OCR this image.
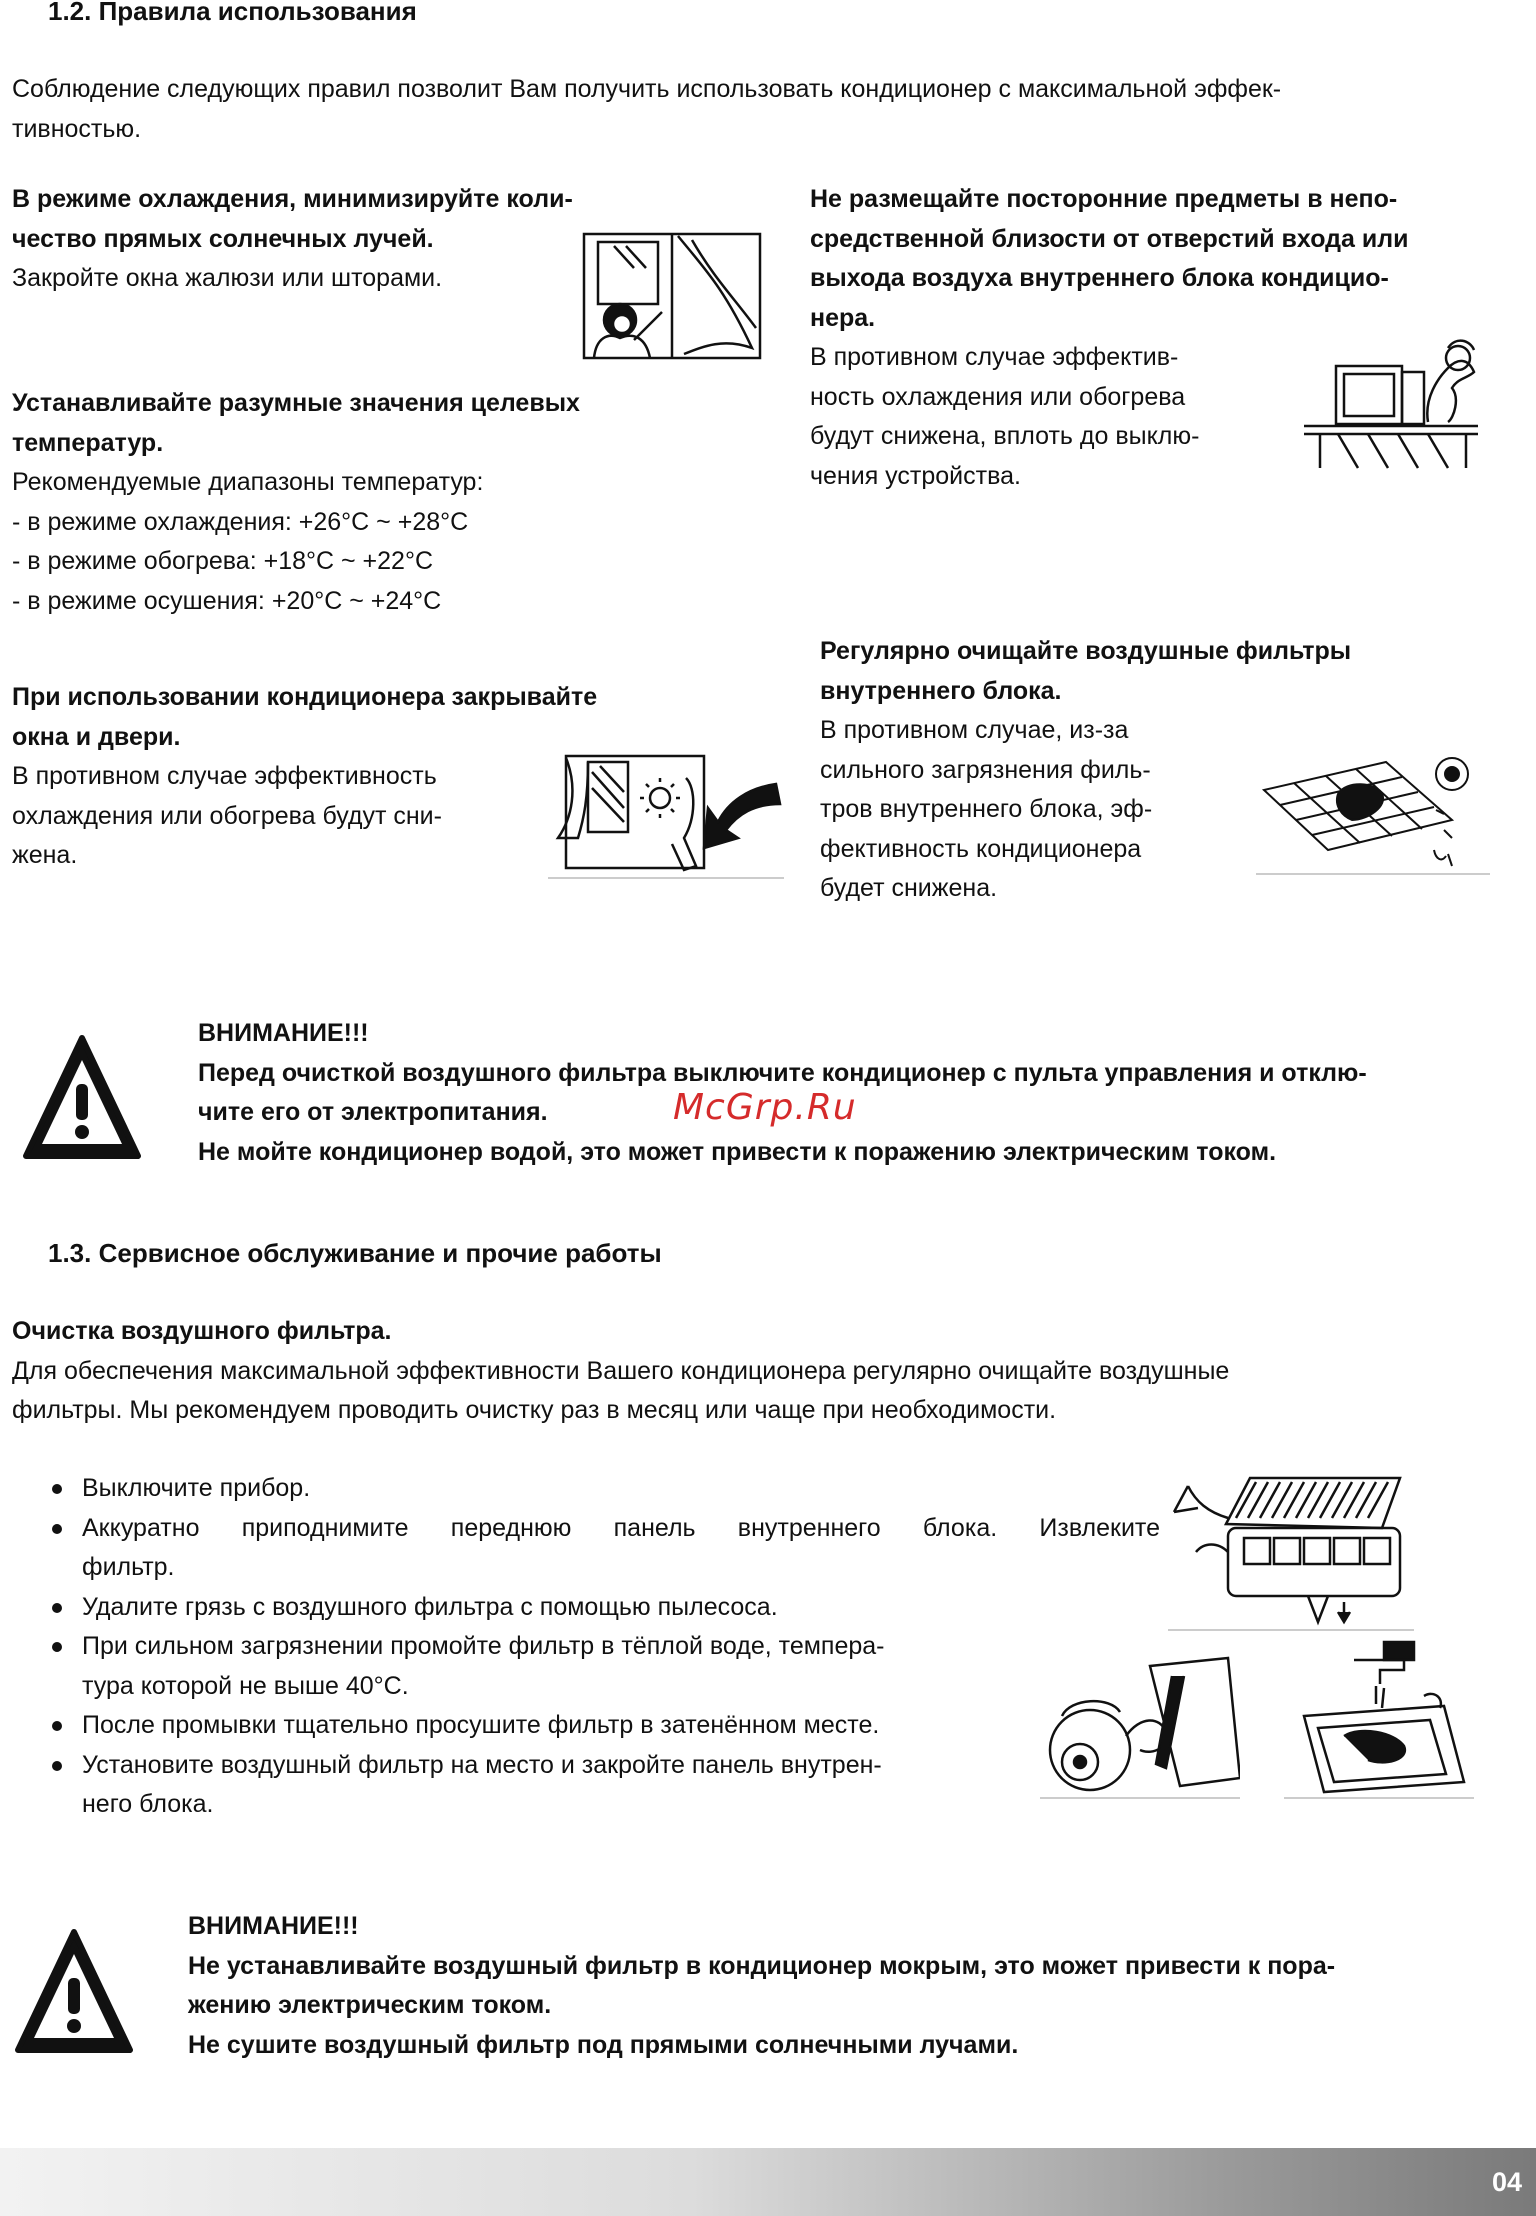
1.2. Правила использования
Соблюдение следующих правил позволит Вам получить использовать кондиционер с максимальной эффек-
тивностью.
В режиме охлаждения, минимизируйте коли-
чество прямых солнечных лучей.
Закройте окна жалюзи или шторами.
Устанавливайте разумные значения целевых
температур.
Рекомендуемые диапазоны температур:
- в режиме охлаждения: +26°C ~ +28°C
- в режиме обогрева: +18°C ~ +22°C
- в режиме осушения: +20°C ~ +24°C
Не размещайте посторонние предметы в непо-
средственной близости от отверстий входа или
выхода воздуха внутреннего блока кондицио-
нера.
В противном случае эффектив-
ность охлаждения или обогрева
будут снижена, вплоть до выклю-
чения устройства.
При использовании кондиционера закрывайте
окна и двери.
В противном случае эффективность
охлаждения или обогрева будут сни-
жена.
Регулярно очищайте воздушные фильтры
внутреннего блока.
В противном случае, из-за
сильного загрязнения филь-
тров внутреннего блока, эф-
фективность кондиционера
будет снижена.
ВНИМАНИЕ!!!
Перед очисткой воздушного фильтра выключите кондиционер с пульта управления и отклю-
чите его от электропитания.
Не мойте кондиционер водой, это может привести к поражению электрическим током.
McGrp.Ru
1.3. Сервисное обслуживание и прочие работы
Очистка воздушного фильтра.
Для обеспечения максимальной эффективности Вашего кондиционера регулярно очищайте воздушные
фильтры. Мы рекомендуем проводить очистку раз в месяц или чаще при необходимости.
Выключите прибор.
Аккуратно приподнимите переднюю панель внутреннего блока. Извлеките
фильтр.
Удалите грязь с воздушного фильтра с помощью пылесоса.
При сильном загрязнении промойте фильтр в тёплой воде, темпера-
тура которой не выше 40°C.
После промывки тщательно просушите фильтр в затенённом месте.
Установите воздушный фильтр на место и закройте панель внутрен-
него блока.
ВНИМАНИЕ!!!
Не устанавливайте воздушный фильтр в кондиционер мокрым, это может привести к пора-
жению электрическим током.
Не сушите воздушный фильтр под прямыми солнечными лучами.
04
